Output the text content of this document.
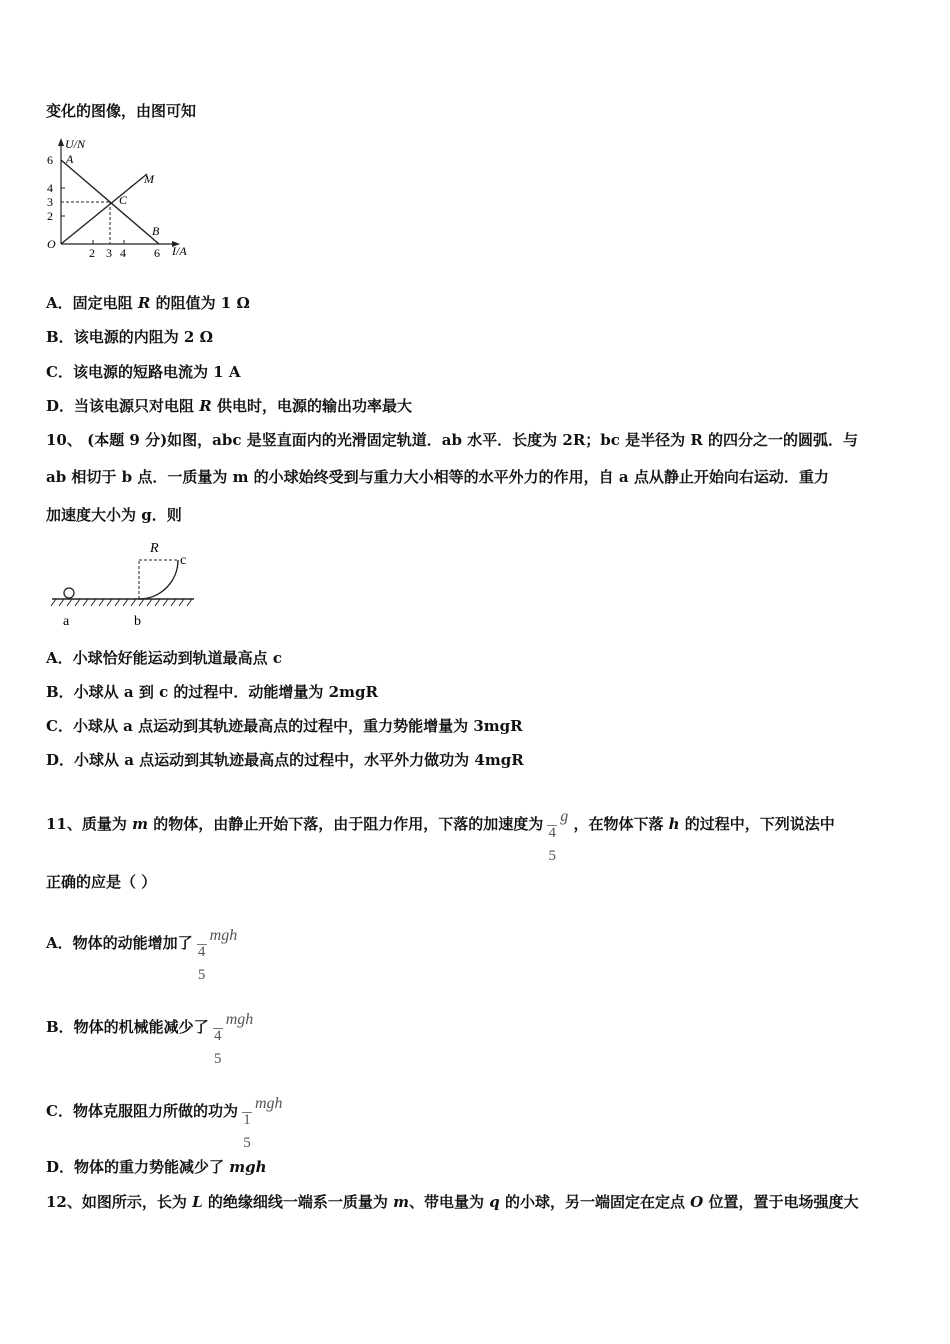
变化的图像，由图可知
U/N
6
4
3
2
O
2 3 4 6 I/A
A
B
C
M
A．固定电阻 R 的阻值为 1 Ω
B．该电源的内阻为 2 Ω
C．该电源的短路电流为 1 A
D．当该电源只对电阻 R 供电时，电源的输出功率最大
10、 (本题 9 分)如图，abc 是竖直面内的光滑固定轨道．ab 水平．长度为 2R；bc 是半径为 R 的四分之一的圆弧．与
ab 相切于 b 点．一质量为 m 的小球始终受到与重力大小相等的水平外力的作用，自 a 点从静止开始向右运动．重力
加速度大小为 g．则
R
c
a	b
A．小球恰好能运动到轨道最高点 c
B．小球从 a 到 c 的过程中．动能增量为 2mgR
C．小球从 a 点运动到其轨迹最高点的过程中，重力势能增量为 3mgR
D．小球从 a 点运动到其轨迹最高点的过程中，水平外力做功为 4mgR
11、质量为 m 的物体，由静止开始下落，由于阻力作用，下落的加速度为 4
5
g ，在物体下落 h 的过程中，下列说法中
正确的应是（ ）
A．物体的动能增加了 4
5
mgh
B．物体的机械能减少了 4
5
mgh
C．物体克服阻力所做的功为 1
5
mgh
D．物体的重力势能减少了 mgh
12、如图所示，长为 L 的绝缘细线一端系一质量为 m、带电量为 q 的小球，另一端固定在定点 O 位置，置于电场强度大
